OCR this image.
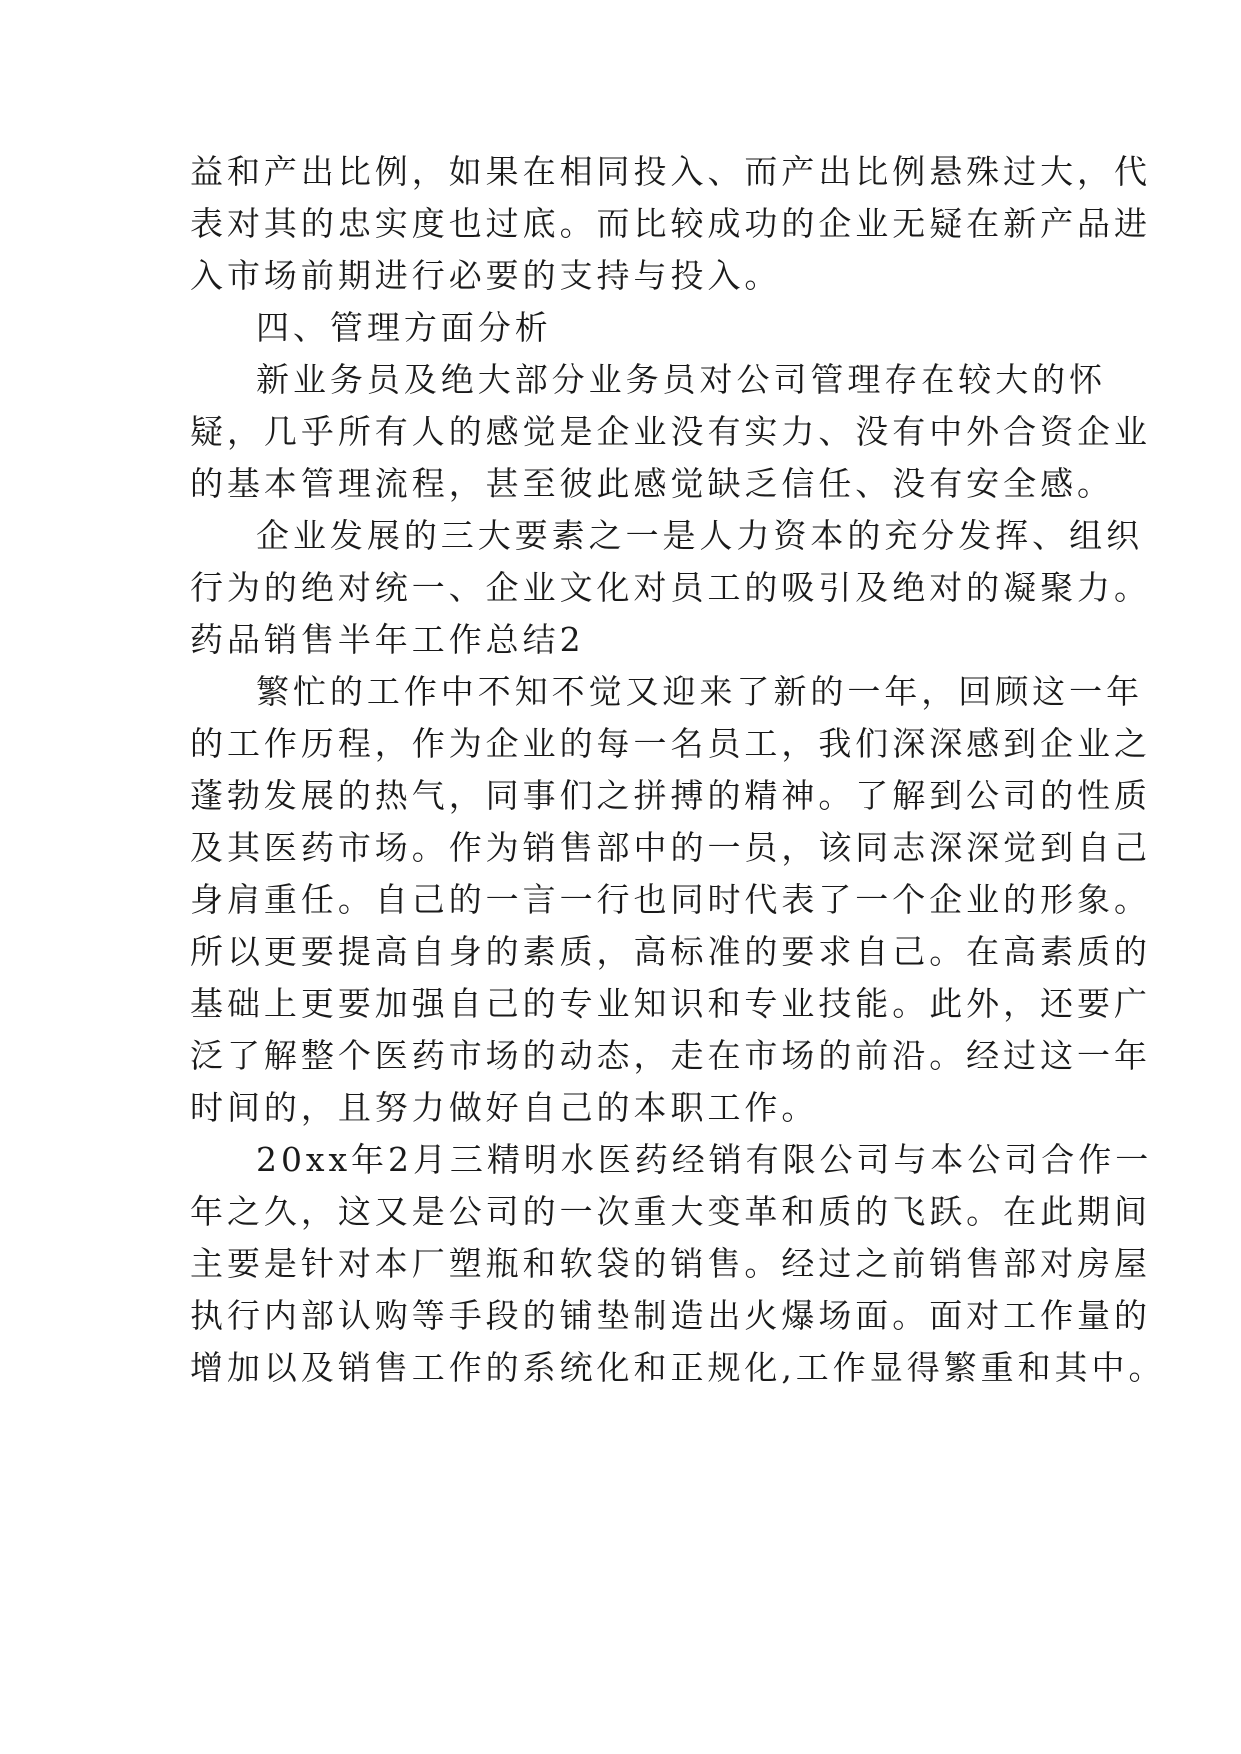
益和产出比例，如果在相同投入、而产出比例悬殊过大，代

表对其的忠实度也过底。而比较成功的企业无疑在新产品进

入市场前期进行必要的支持与投入。

四、管理方面分析

新业务员及绝大部分业务员对公司管理存在较大的怀

疑，几乎所有人的感觉是企业没有实力、没有中外合资企业

的基本管理流程，甚至彼此感觉缺乏信任、没有安全感。

企业发展的三大要素之一是人力资本的充分发挥、组织

行为的绝对统一、企业文化对员工的吸引及绝对的凝聚力。

药品销售半年工作总结2

繁忙的工作中不知不觉又迎来了新的一年，回顾这一年

的工作历程，作为企业的每一名员工，我们深深感到企业之

蓬勃发展的热气，同事们之拼搏的精神。了解到公司的性质

及其医药市场。作为销售部中的一员，该同志深深觉到自己

身肩重任。自己的一言一行也同时代表了一个企业的形象。

所以更要提高自身的素质，高标准的要求自己。在高素质的

基础上更要加强自己的专业知识和专业技能。此外，还要广

泛了解整个医药市场的动态，走在市场的前沿。经过这一年

时间的，且努力做好自己的本职工作。

20xx年2月三精明水医药经销有限公司与本公司合作一

年之久，这又是公司的一次重大变革和质的飞跃。在此期间

主要是针对本厂塑瓶和软袋的销售。经过之前销售部对房屋

执行内部认购等手段的铺垫制造出火爆场面。面对工作量的

增加以及销售工作的系统化和正规化,工作显得繁重和其中。
